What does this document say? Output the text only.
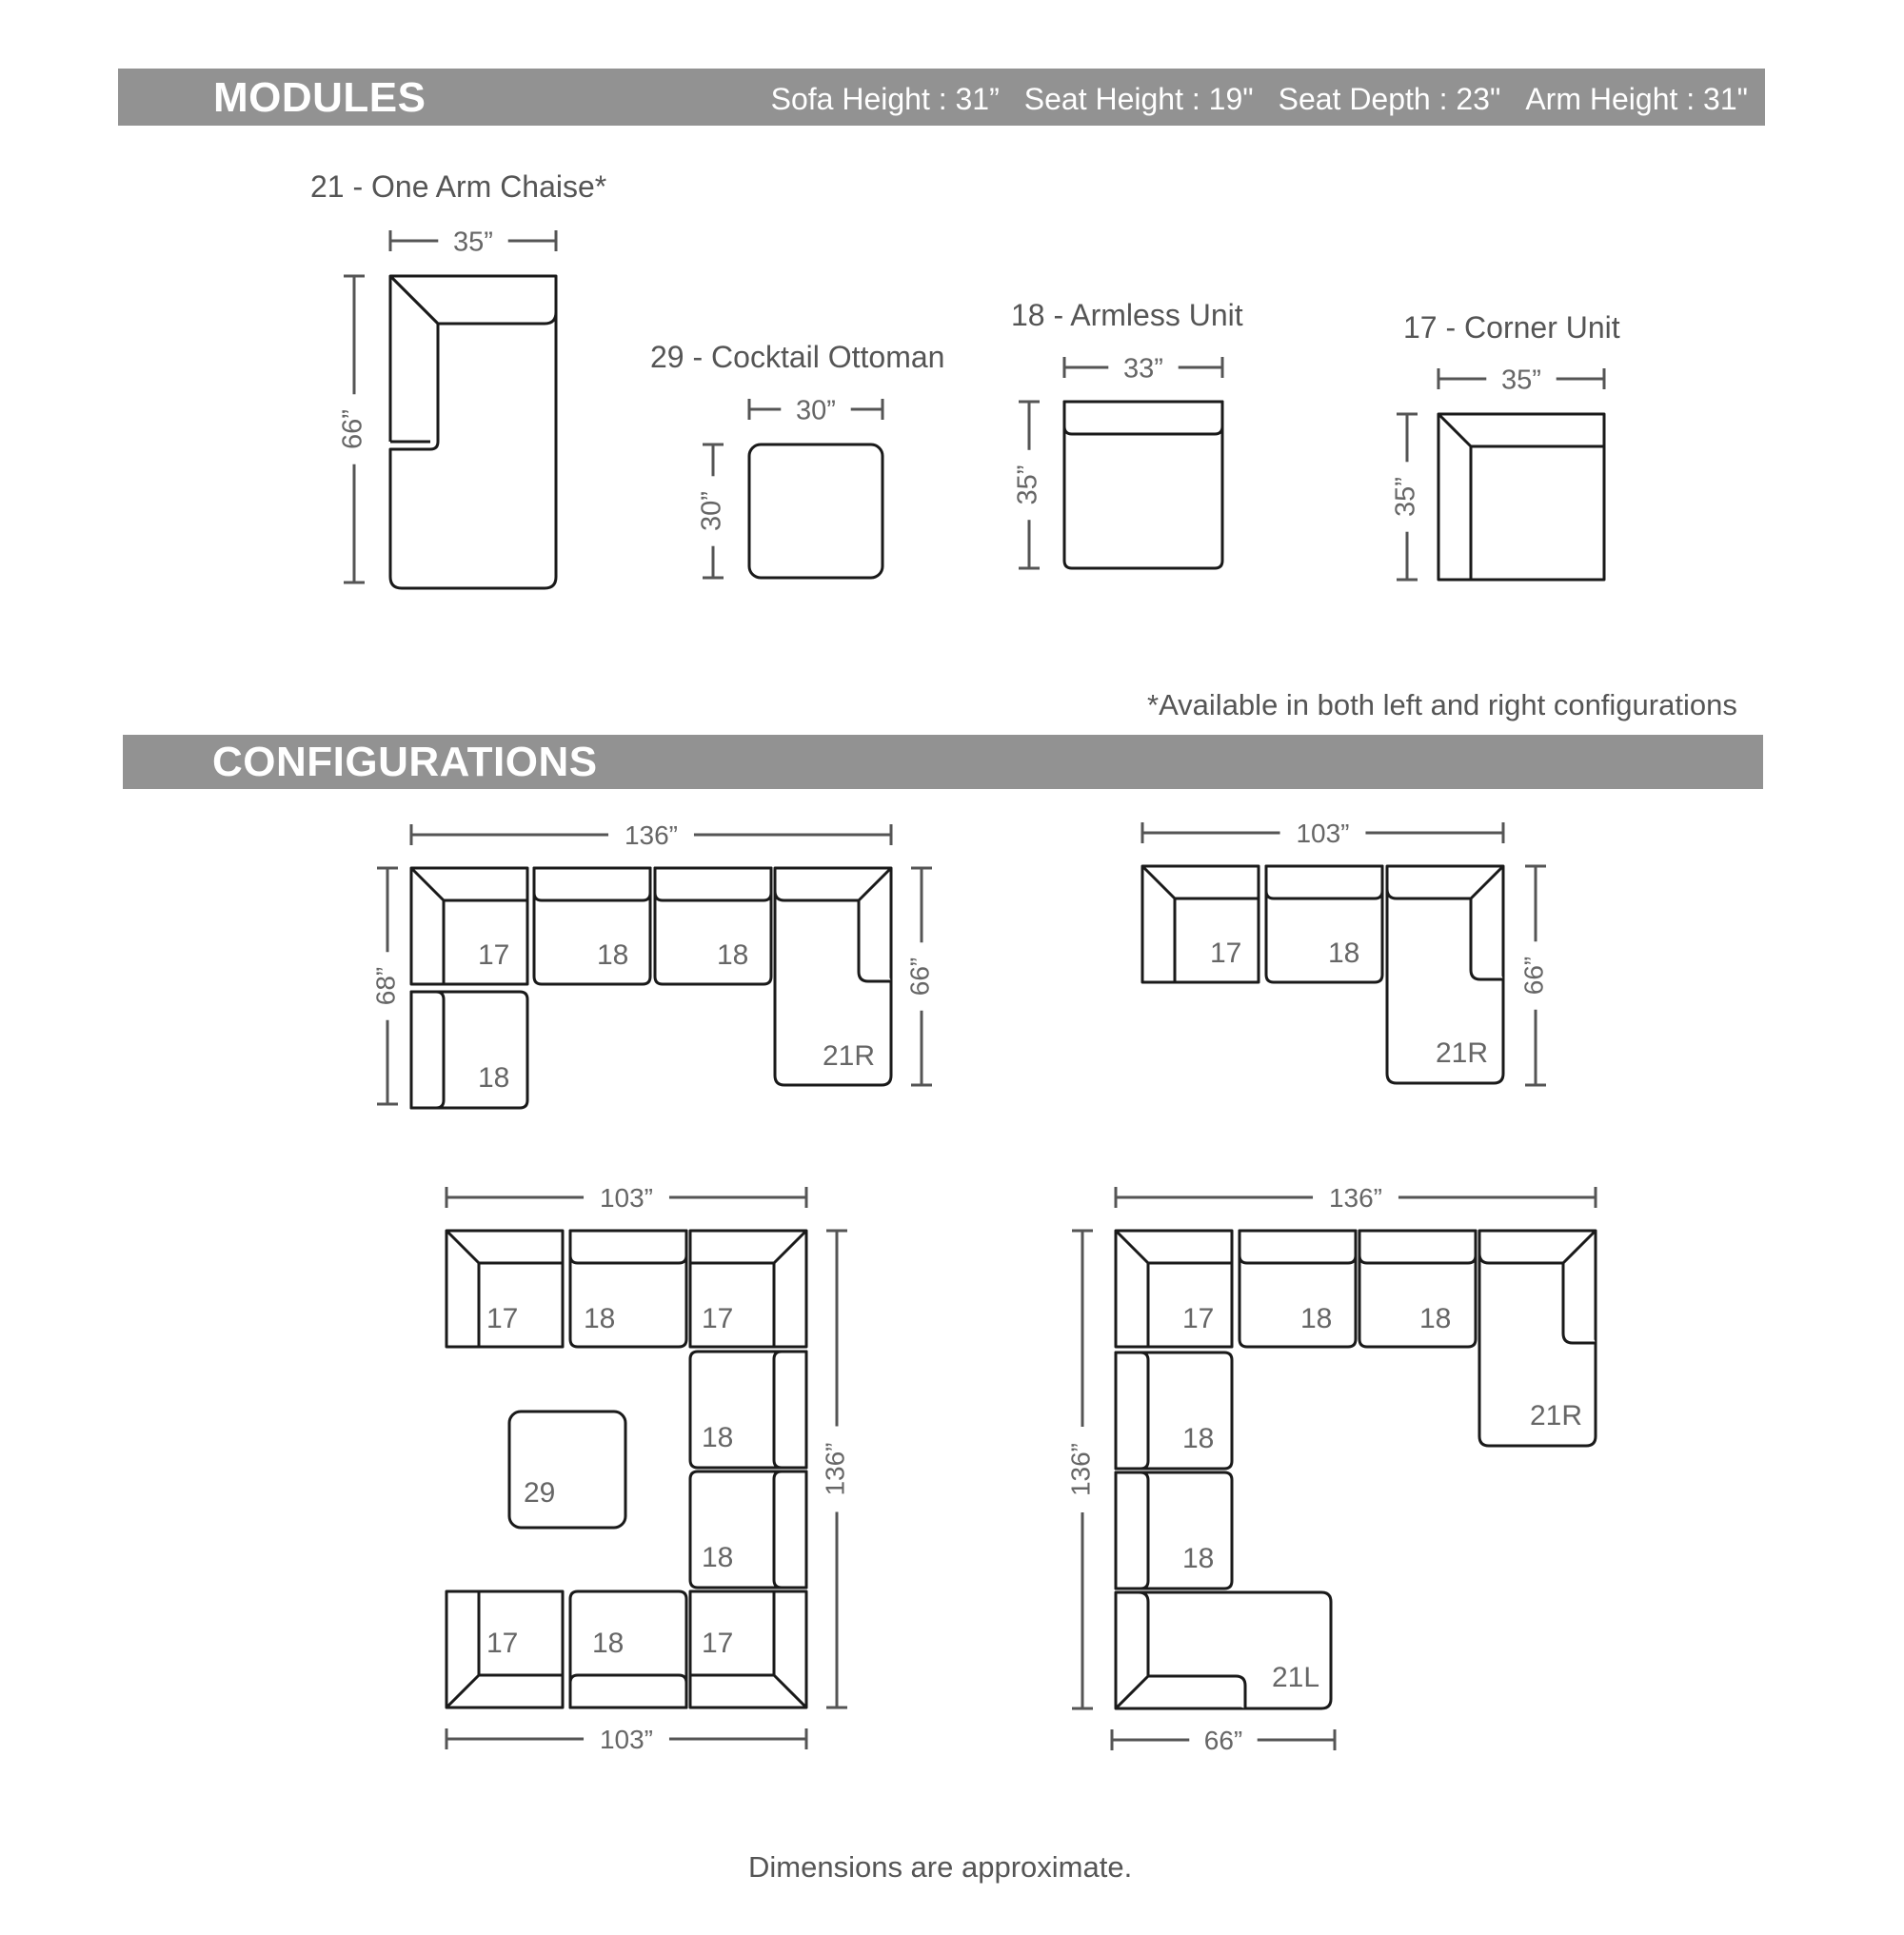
MODULES	Sofa Height : 31” Seat Height : 19" Seat Depth : 23" Arm Height : 31"
CONFIGURATIONS
21 - One Arm Chaise*
29 - Cocktail Ottoman
18 - Armless Unit	17 - Corner Unit
*Available in both left and right configurations
Dimensions are approximate.
35”
66”	30”
30”
33”
35”
35”
35”
17	18	18
21R
18
136”
68”	66”
17	18
21R
103”
66”
17 18	17
18
18
29
17	18	17
103”
103”
136”
17	18	18
21R
18
18
21L
136”
66”
136”
